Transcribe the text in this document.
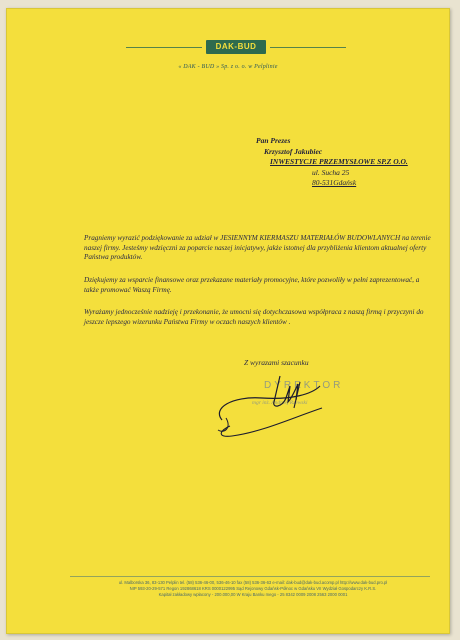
DAK-BUD
« DAK - BUD » Sp. z o. o. w Pelplinie
Pan Prezes
Krzysztof Jakubiec
INWESTYCJE PRZEMYSŁOWE SP.Z O.O.
ul. Sucha 25
80-531Gdańsk
Pragniemy wyrazić podziękowanie za udział w JESIENNYM KIERMASZU MATERIAŁÓW BUDOWLANYCH na terenie naszej firmy. Jesteśmy wdzięczni za poparcie naszej inicjatywy, jakże istotnej dla przybliżenia klientom aktualnej oferty Państwa produktów.
Dziękujemy za wsparcie finansowe oraz przekazane materiały promocyjne, które pozwoliły w pełni zaprezentować, a także promować Waszą Firmę.
Wyrażamy jednocześnie nadzieję i przekonanie, że umocni się dotychczasowa współpraca z naszą firmą i przyczyni do jeszcze lepszego wizerunku Państwa Firmy w oczach naszych klientów .
Z wyrazami szacunku
DYREKTOR
mgr inż. Andrzej Rzewski
ul. Malborska 36, 83-130 Pelplin tel. (58) 536-46-00, 536-46-10 fax (58) 536-36-63 e-mail: dak-bud@dak-bud.acomp.pl http://www.dak-bud.pro.pl
NIP 593-20-29-571 Regon 192868618 KRS 0000122995 Sąd Rejonowy Gdańsk-Północ w Gdańsku VII Wydział Gospodarczy K.R.S.
Kapitał zakładowy wpłacony - 200.000,00 W Kraju Banku mego - 25 8342 0009 2008 2563 2000 0001
